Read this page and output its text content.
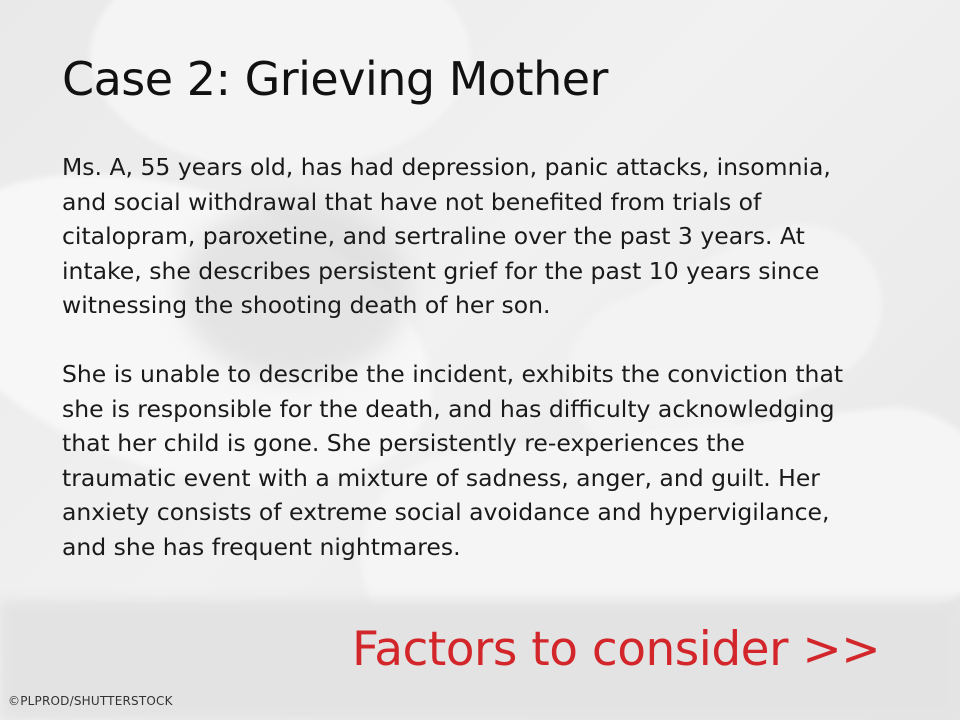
Case 2: Grieving Mother

Ms. A, 55 years old, has had depression, panic attacks, insomnia, and social withdrawal that have not benefited from trials of citalopram, paroxetine, and sertraline over the past 3 years. At intake, she describes persistent grief for the past 10 years since witnessing the shooting death of her son.

She is unable to describe the incident, exhibits the conviction that she is responsible for the death, and has difficulty acknowledging that her child is gone. She persistently re-experiences the traumatic event with a mixture of sadness, anger, and guilt. Her anxiety consists of extreme social avoidance and hypervigilance, and she has frequent nightmares.

Factors to consider >>
©PLPROD/SHUTTERSTOCK
